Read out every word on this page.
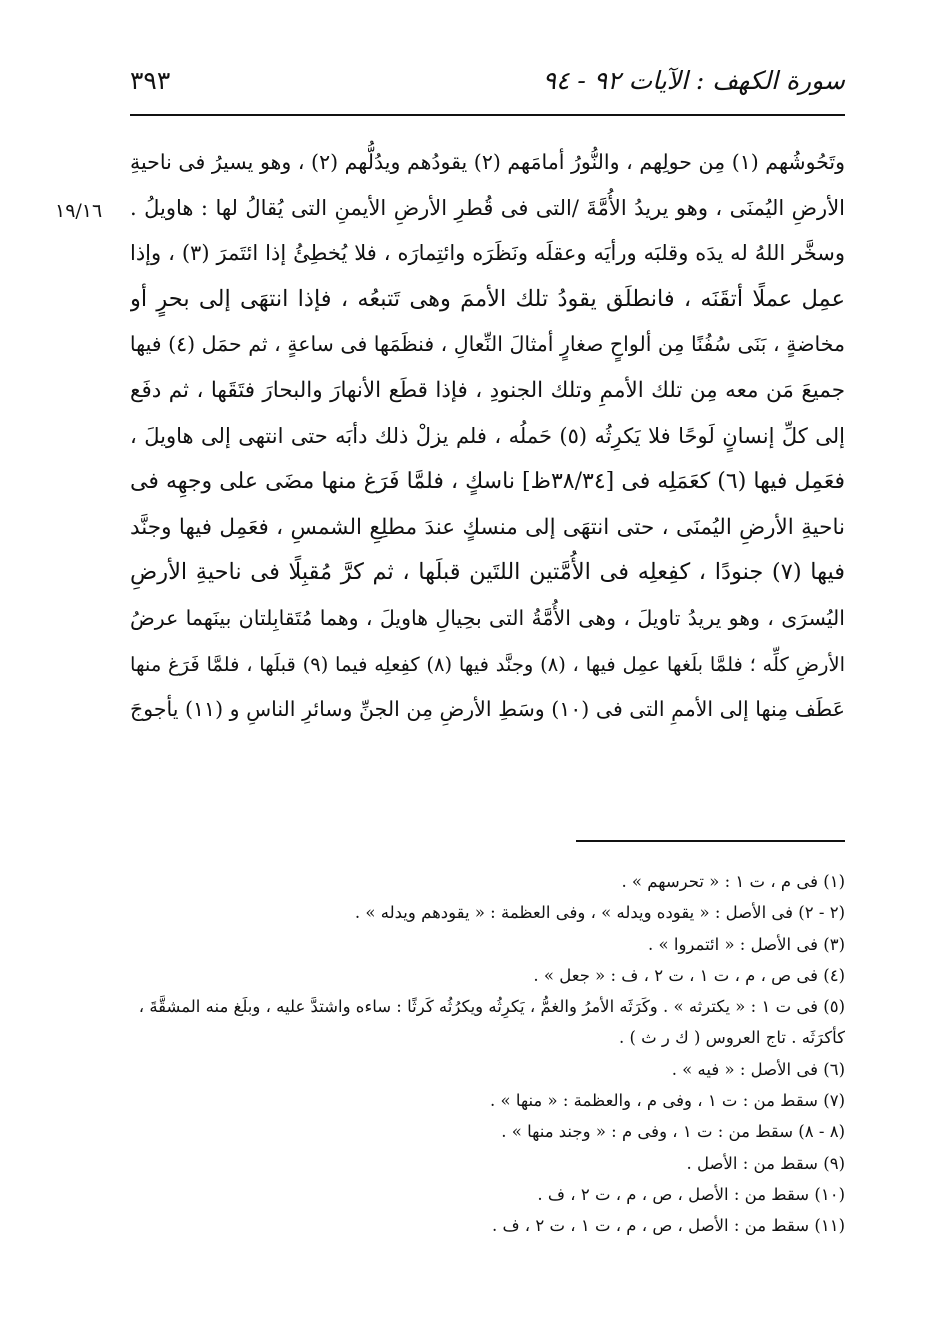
سورة الكهف : الآيات ٩٢ - ٩٤
٣٩٣
١٩/١٦
وتَحُوشُهم (١) مِن حولِهم ، والنُّورُ أمامَهم (٢) يقودُهم ويدُلُّهم (٢) ، وهو يسيرُ فى ناحيةِ
الأرضِ اليُمنَى ، وهو يريدُ الأُمَّةَ /التى فى قُطرِ الأرضِ الأيمنِ التى يُقالُ لها : هاويلُ .
وسخَّر اللهُ له يدَه وقلبَه ورأيَه وعقلَه ونَظَرَه وائتِمارَه ، فلا يُخطِئُ إذا ائتَمرَ (٣) ، وإذا
عمِل عملًا أتقَنَه ، فانطلَق يقودُ تلك الأممَ وهى تَتبعُه ، فإذا انتهَى إلى بحرٍ أو
مخاضةٍ ، بَنَى سُفُنًا مِن ألواحٍ صغارٍ أمثالَ النِّعالِ ، فنظَمَها فى ساعةٍ ، ثم حمَل (٤) فيها
جميعَ مَن معه مِن تلك الأممِ وتلك الجنودِ ، فإذا قطَع الأنهارَ والبحارَ فتَقَها ، ثم دفَع
إلى كلِّ إنسانٍ لَوحًا فلا يَكرِثُه (٥) حَملُه ، فلم يزلْ ذلك دأبَه حتى انتهى إلى هاويلَ ،
فعَمِل فيها (٦) كعَمَلِه فى [٣٨/٣٤ظ] ناسكٍ ، فلمَّا فَرَغ منها مضَى على وجهِه فى
ناحيةِ الأرضِ اليُمنَى ، حتى انتهَى إلى منسكٍ عندَ مطلِعِ الشمسِ ، فعَمِل فيها وجنَّد
فيها (٧) جنودًا ، كفِعلِه فى الأُمَّتين اللتَين قبلَها ، ثم كرَّ مُقبِلًا فى ناحيةِ الأرضِ
اليُسرَى ، وهو يريدُ تاويلَ ، وهى الأُمَّةُ التى بحِيالِ هاويلَ ، وهما مُتَقابِلتان بينَهما عرضُ
الأرضِ كلِّه ؛ فلمَّا بلَغها عمِل فيها ، (٨) وجنَّد فيها (٨) كفِعلِه فيما (٩) قبلَها ، فلمَّا فَرَغ منها
عَطَف مِنها إلى الأممِ التى فى (١٠) وسَطِ الأرضِ مِن الجنِّ وسائرِ الناسِ و (١١) يأجوجَ
(١) فى م ، ت ١ : « تحرسهم » .
(٢ - ٢) فى الأصل : « يقوده ويدله » ، وفى العظمة : « يقودهم ويدله » .
(٣) فى الأصل : « ائتمروا » .
(٤) فى ص ، م ، ت ١ ، ت ٢ ، ف : « جعل » .
(٥) فى ت ١ : « يكترثه » . وكَرَثَه الأمرُ والغمُّ ، يَكرِثُه ويكرُثُه كَرثًا : ساءه واشتدَّ عليه ، وبلَغ منه المشقَّةَ ،
كأكرَثَه . تاج العروس ( ك ر ث ) .
(٦) فى الأصل : « فيه » .
(٧) سقط من : ت ١ ، وفى م ، والعظمة : « منها » .
(٨ - ٨) سقط من : ت ١ ، وفى م : « وجند منها » .
(٩) سقط من : الأصل .
(١٠) سقط من : الأصل ، ص ، م ، ت ٢ ، ف .
(١١) سقط من : الأصل ، ص ، م ، ت ١ ، ت ٢ ، ف .
